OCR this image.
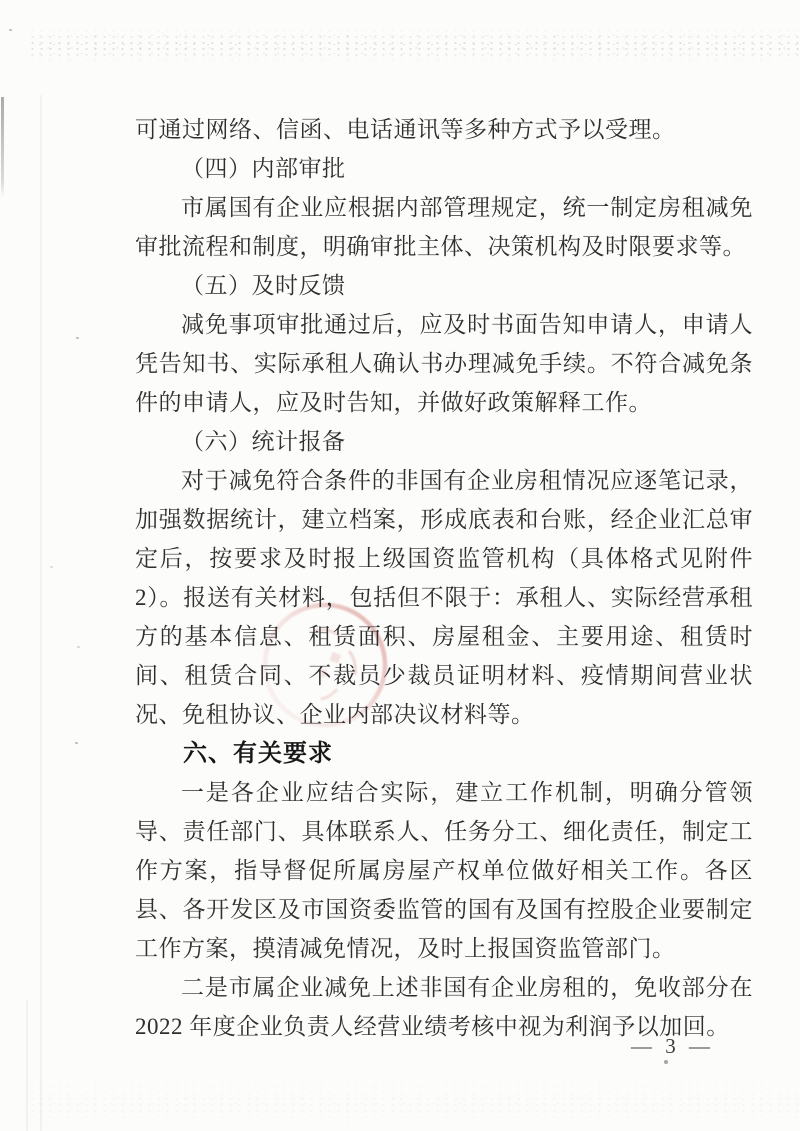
可通过网络、信函、电话通讯等多种方式予以受理。

（四）内部审批

市属国有企业应根据内部管理规定，统一制定房租减免审批流程和制度，明确审批主体、决策机构及时限要求等。

（五）及时反馈

减免事项审批通过后，应及时书面告知申请人，申请人凭告知书、实际承租人确认书办理减免手续。不符合减免条件的申请人，应及时告知，并做好政策解释工作。

（六）统计报备

对于减免符合条件的非国有企业房租情况应逐笔记录，加强数据统计，建立档案，形成底表和台账，经企业汇总审定后，按要求及时报上级国资监管机构（具体格式见附件 2）。报送有关材料，包括但不限于：承租人、实际经营承租方的基本信息、租赁面积、房屋租金、主要用途、租赁时间、租赁合同、不裁员少裁员证明材料、疫情期间营业状况、免租协议、企业内部决议材料等。

六、有关要求

一是各企业应结合实际，建立工作机制，明确分管领导、责任部门、具体联系人、任务分工、细化责任，制定工作方案，指导督促所属房屋产权单位做好相关工作。各区县、各开发区及市国资委监管的国有及国有控股企业要制定工作方案，摸清减免情况，及时上报国资监管部门。

二是市属企业减免上述非国有企业房租的，免收部分在 2022 年度企业负责人经营业绩考核中视为利润予以加回。

— 3 —
